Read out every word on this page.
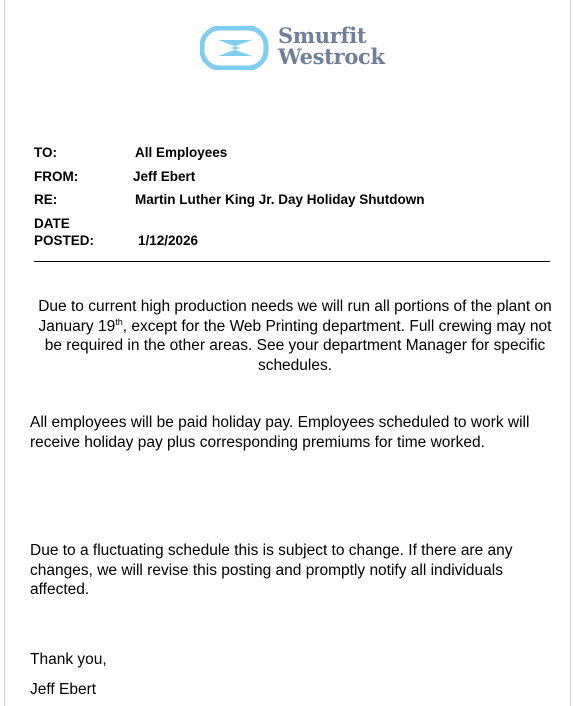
Smurfit
Westrock
TO:	All Employees
FROM:	Jeff Ebert
RE:	Martin Luther King Jr. Day Holiday Shutdown
DATE
POSTED:	1/12/2026
Due to current high production needs we will run all portions of the plant on January 19th, except for the Web Printing department. Full crewing may not be required in the other areas. See your department Manager for specific schedules.
All employees will be paid holiday pay. Employees scheduled to work will receive holiday pay plus corresponding premiums for time worked.
Due to a fluctuating schedule this is subject to change. If there are any changes, we will revise this posting and promptly notify all individuals affected.
Thank you,
Jeff Ebert
